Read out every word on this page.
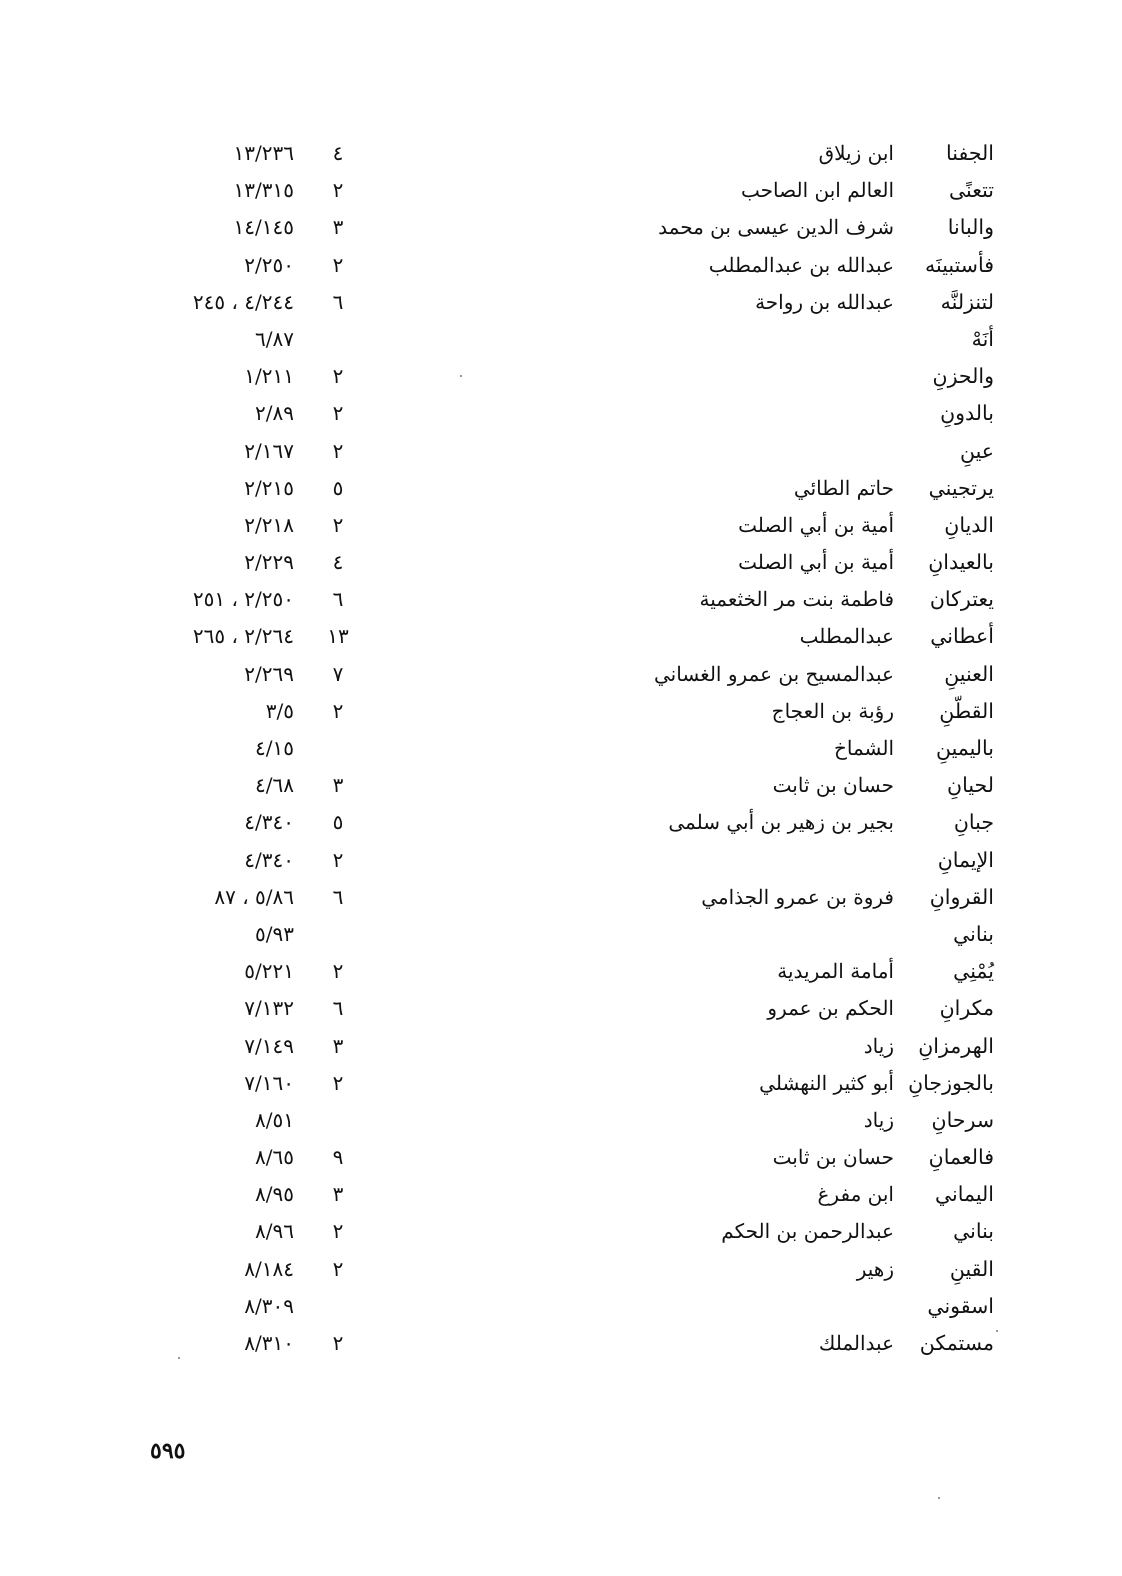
الجفنا
ابن زيلاق
٤
١٣/٢٣٦
تتعنًى
العالم ابن الصاحب
٢
١٣/٣١٥
والبانا
شرف الدين عيسى بن محمد
٣
١٤/١٤٥
فأستبينَه
عبدالله بن عبدالمطلب
٢
٢/٢٥٠
لتنزلنَّه
عبدالله بن رواحة
٦
٤/٢٤٤ ، ٢٤٥
أنَهْ
٦/٨٧
والحزنِ
٢
١/٢١١
بالدونِ
٢
٢/٨٩
عينِ
٢
٢/١٦٧
يرتجيني
حاتم الطائي
٥
٢/٢١٥
الديانِ
أمية بن أبي الصلت
٢
٢/٢١٨
بالعيدانِ
أمية بن أبي الصلت
٤
٢/٢٢٩
يعتركان
فاطمة بنت مر الخثعمية
٦
٢/٢٥٠ ، ٢٥١
أعطاني
عبدالمطلب
١٣
٢/٢٦٤ ، ٢٦٥
العنينِ
عبدالمسيح بن عمرو الغساني
٧
٢/٢٦٩
القطّنِ
رؤبة بن العجاج
٢
٣/٥
باليمينِ
الشماخ
٤/١٥
لحيانِ
حسان بن ثابت
٣
٤/٦٨
جبانِ
بجير بن زهير بن أبي سلمى
٥
٤/٣٤٠
الإيمانِ
٢
٤/٣٤٠
القروانِ
فروة بن عمرو الجذامي
٦
٥/٨٦ ، ٨٧
بناني
٥/٩٣
يُمْنِي
أمامة المريدية
٢
٥/٢٢١
مكرانِ
الحكم بن عمرو
٦
٧/١٣٢
الهرمزانِ
زياد
٣
٧/١٤٩
بالجوزجانِ
أبو كثير النهشلي
٢
٧/١٦٠
سرحانِ
زياد
٨/٥١
فالعمانِ
حسان بن ثابت
٩
٨/٦٥
اليماني
ابن مفرغ
٣
٨/٩٥
بناني
عبدالرحمن بن الحكم
٢
٨/٩٦
القينِ
زهير
٢
٨/١٨٤
اسقوني
٨/٣٠٩
مستمكن
عبدالملك
٢
٨/٣١٠
٥٩٥
